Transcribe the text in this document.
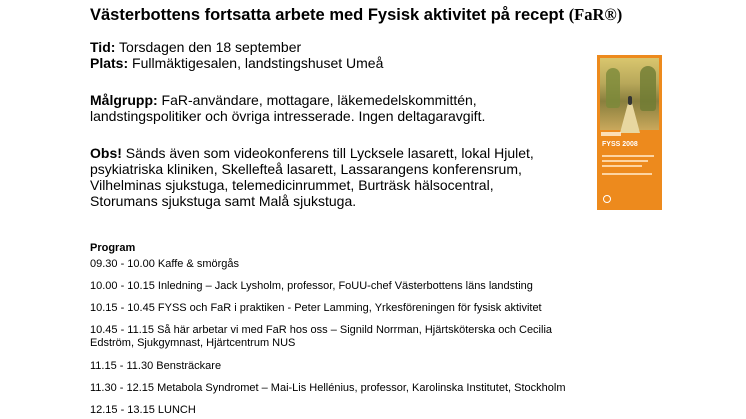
Västerbottens fortsatta arbete med Fysisk aktivitet på recept (FaR®)
Tid: Torsdagen den 18 september
Plats: Fullmäktigesalen, landstingshuset Umeå
Målgrupp: FaR-användare, mottagare, läkemedelskommittén,
landstingspolitiker och övriga intresserade. Ingen deltagaravgift.
Obs! Sänds även som videokonferens till Lycksele lasarett, lokal Hjulet,
psykiatriska kliniken, Skellefteå lasarett, Lassarangens konferensrum,
Vilhelminas sjukstuga, telemedicinrummet, Burträsk hälsocentral,
Storumans sjukstuga samt Malå sjukstuga.
FYSS 2008
Program
09.30 - 10.00 Kaffe & smörgås
10.00 - 10.15 Inledning – Jack Lysholm, professor, FoUU-chef Västerbottens läns landsting
10.15 - 10.45 FYSS och FaR i praktiken - Peter Lamming, Yrkesföreningen för fysisk aktivitet
10.45 - 11.15 Så här arbetar vi med FaR hos oss – Signild Norrman, Hjärtsköterska och Cecilia
Edström, Sjukgymnast, Hjärtcentrum NUS
11.15 - 11.30 Bensträckare
11.30 - 12.15 Metabola Syndromet – Mai-Lis Hellénius, professor, Karolinska Institutet, Stockholm
12.15 - 13.15 LUNCH
